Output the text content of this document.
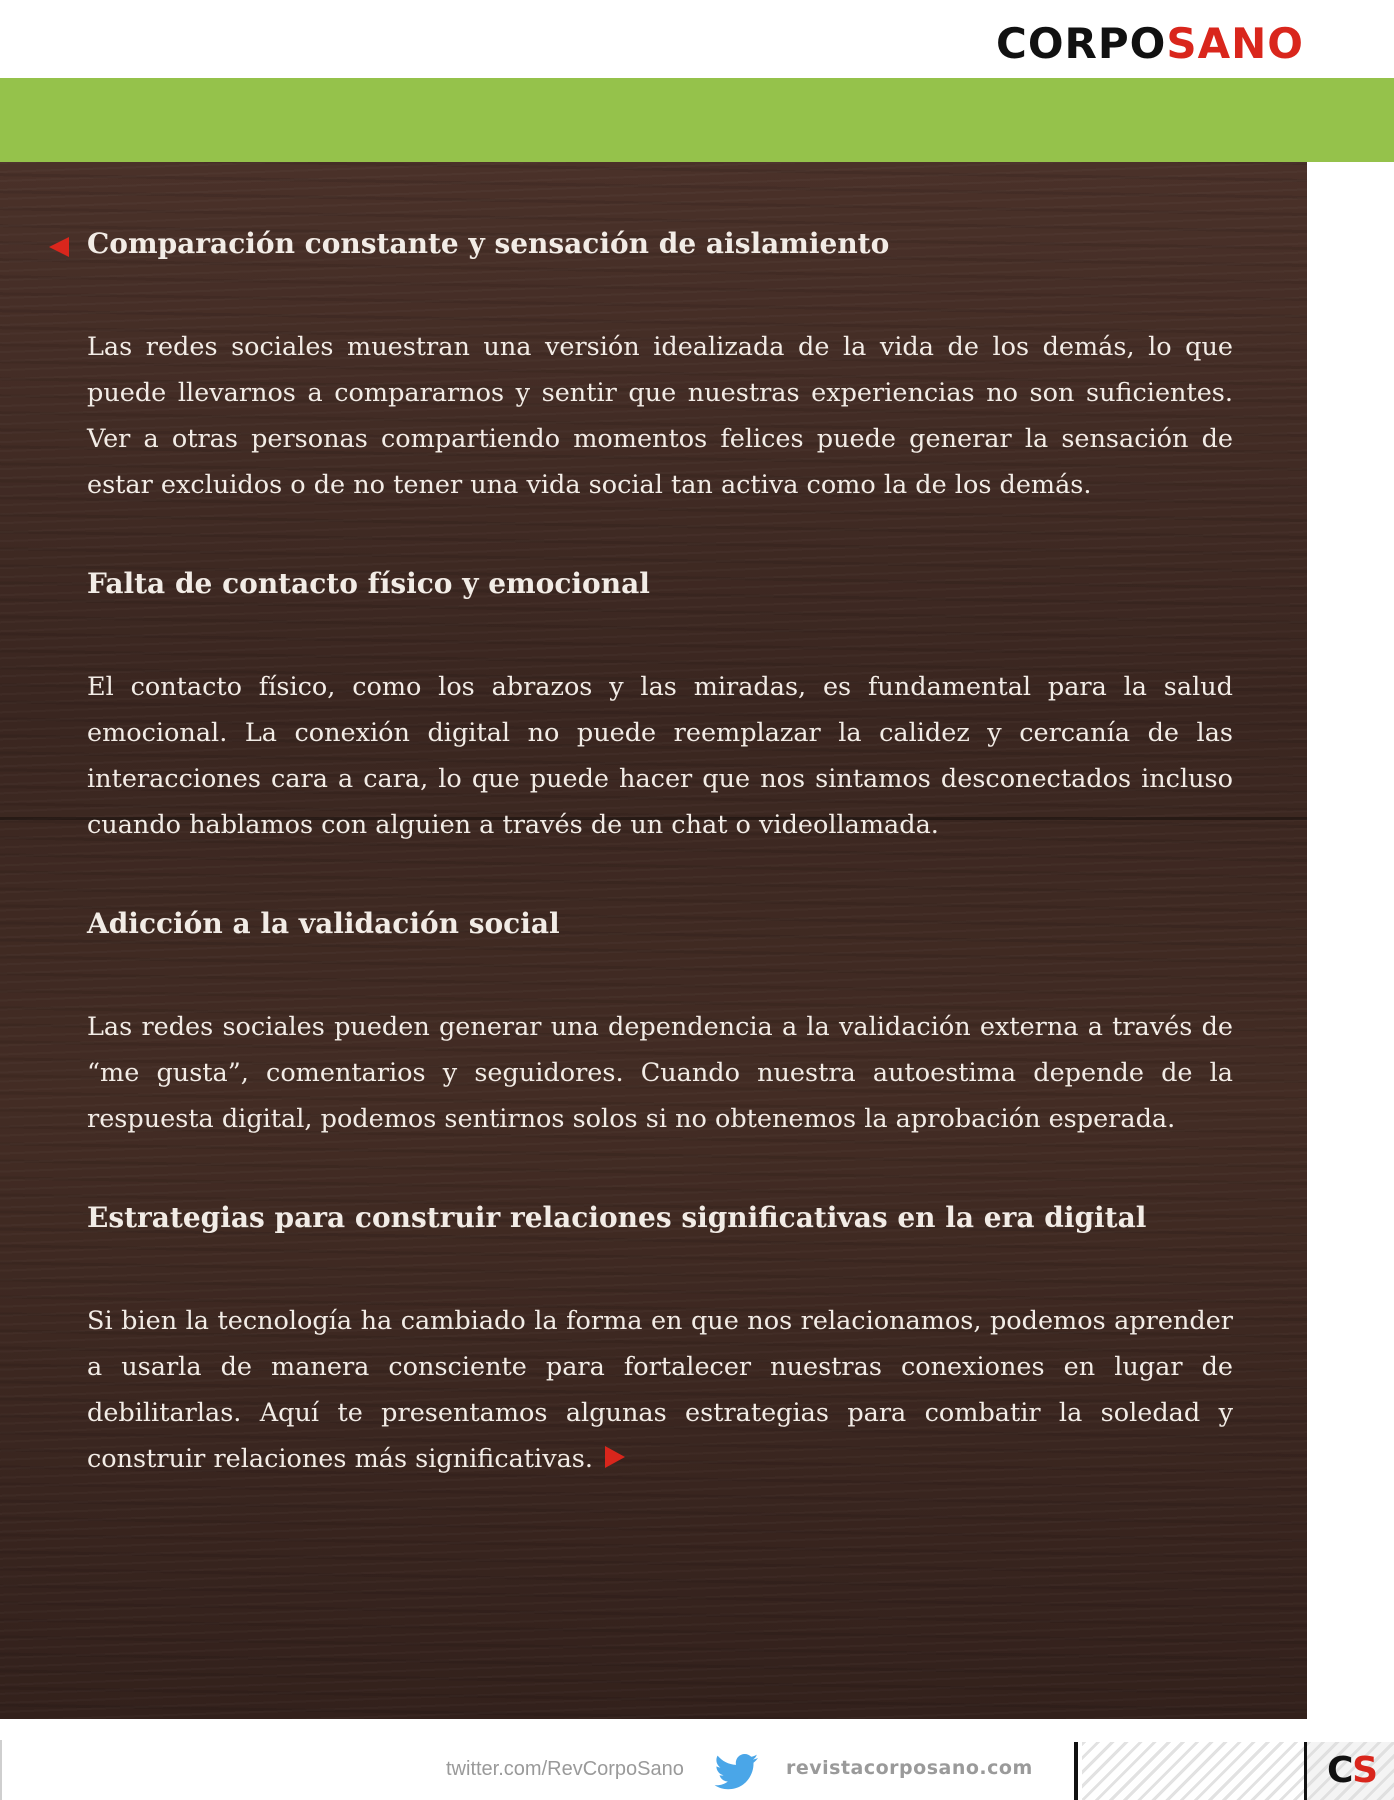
CORPOSANO
Comparación constante y sensación de aislamiento

Las redes sociales muestran una versión idealizada de la vida de los demás, lo que puede llevarnos a compararnos y sentir que nuestras experiencias no son suficientes. Ver a otras personas compartiendo momentos felices puede generar la sensación de estar excluidos o de no tener una vida social tan activa como la de los demás.

Falta de contacto físico y emocional

El contacto físico, como los abrazos y las miradas, es fundamental para la salud emocional. La conexión digital no puede reemplazar la calidez y cercanía de las interacciones cara a cara, lo que puede hacer que nos sintamos desconectados incluso cuando hablamos con alguien a través de un chat o videollamada.

Adicción a la validación social

Las redes sociales pueden generar una dependencia a la validación externa a través de “me gusta”, comentarios y seguidores. Cuando nuestra autoestima depende de la respuesta digital, podemos sentirnos solos si no obtenemos la aprobación esperada.

Estrategias para construir relaciones significativas en la era digital

Si bien la tecnología ha cambiado la forma en que nos relacionamos, podemos aprender a usarla de manera consciente para fortalecer nuestras conexiones en lugar de debilitarlas. Aquí te presentamos algunas estrategias para combatir la soledad y construir relaciones más significativas.

twitter.com/RevCorpoSano	revistacorposano.com	CS
